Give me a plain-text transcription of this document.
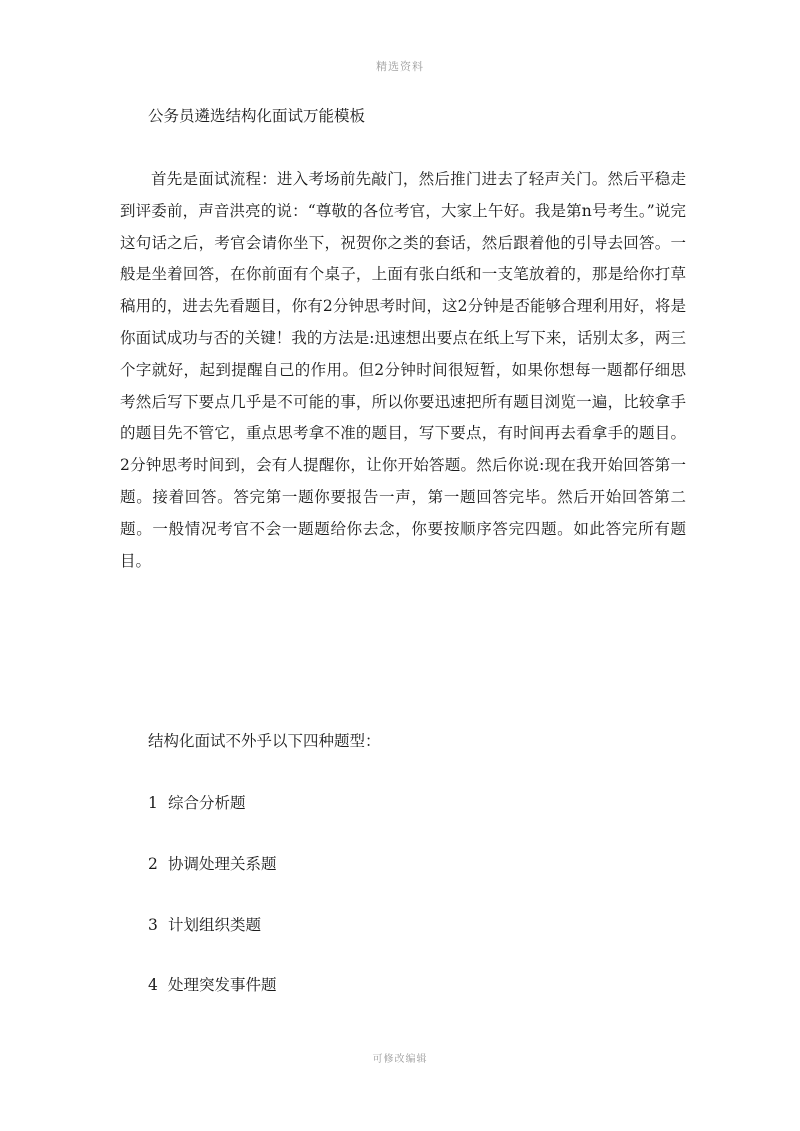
精选资料
公务员遴选结构化面试万能模板

首先是面试流程：进入考场前先敲门，然后推门进去了轻声关门。然后平稳走到评委前，声音洪亮的说：“尊敬的各位考官，大家上午好。我是第n号考生。”说完这句话之后，考官会请你坐下，祝贺你之类的套话，然后跟着他的引导去回答。一般是坐着回答，在你前面有个桌子，上面有张白纸和一支笔放着的，那是给你打草稿用的，进去先看题目，你有2分钟思考时间，这2分钟是否能够合理利用好，将是你面试成功与否的关键！我的方法是:迅速想出要点在纸上写下来，话别太多，两三个字就好，起到提醒自己的作用。但2分钟时间很短暂，如果你想每一题都仔细思考然后写下要点几乎是不可能的事，所以你要迅速把所有题目浏览一遍，比较拿手的题目先不管它，重点思考拿不准的题目，写下要点，有时间再去看拿手的题目。2分钟思考时间到，会有人提醒你，让你开始答题。然后你说:现在我开始回答第一题。接着回答。答完第一题你要报告一声，第一题回答完毕。然后开始回答第二题。一般情况考官不会一题题给你去念，你要按顺序答完四题。如此答完所有题目。

结构化面试不外乎以下四种题型：
1 综合分析题
2 协调处理关系题
3 计划组织类题
4 处理突发事件题
可修改编辑
